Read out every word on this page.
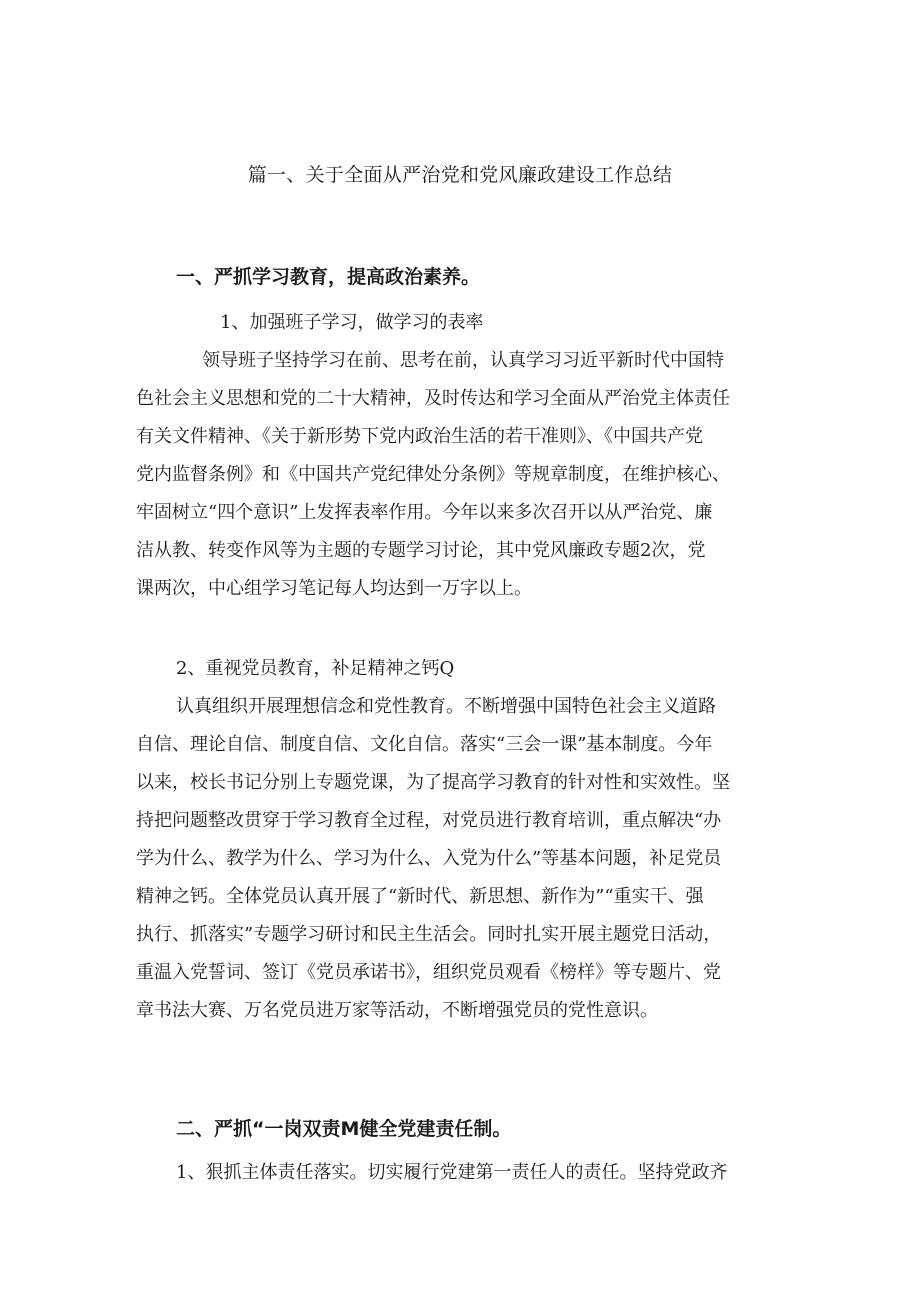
篇一、关于全面从严治党和党风廉政建设工作总结
一、严抓学习教育，提高政治素养。
1、加强班子学习，做学习的表率
领导班子坚持学习在前、思考在前，认真学习习近平新时代中国特
色社会主义思想和党的二十大精神，及时传达和学习全面从严治党主体责任
有关文件精神、《关于新形势下党内政治生活的若干准则》、《中国共产党
党内监督条例》和《中国共产党纪律处分条例》等规章制度，在维护核心、
牢固树立“四个意识”上发挥表率作用。今年以来多次召开以从严治党、廉
洁从教、转变作风等为主题的专题学习讨论，其中党风廉政专题2次，党
课两次，中心组学习笔记每人均达到一万字以上。
2、重视党员教育，补足精神之钙Q
认真组织开展理想信念和党性教育。不断增强中国特色社会主义道路
自信、理论自信、制度自信、文化自信。落实“三会一课”基本制度。今年
以来，校长书记分别上专题党课，为了提高学习教育的针对性和实效性。坚
持把问题整改贯穿于学习教育全过程，对党员进行教育培训，重点解决“办
学为什么、教学为什么、学习为什么、入党为什么”等基本问题，补足党员
精神之钙。全体党员认真开展了“新时代、新思想、新作为”“重实干、强
执行、抓落实”专题学习研讨和民主生活会。同时扎实开展主题党日活动，
重温入党誓词、签订《党员承诺书》，组织党员观看《榜样》等专题片、党
章书法大赛、万名党员进万家等活动，不断增强党员的党性意识。
二、严抓“一岗双责M健全党建责任制。
1、狠抓主体责任落实。切实履行党建第一责任人的责任。坚持党政齐
